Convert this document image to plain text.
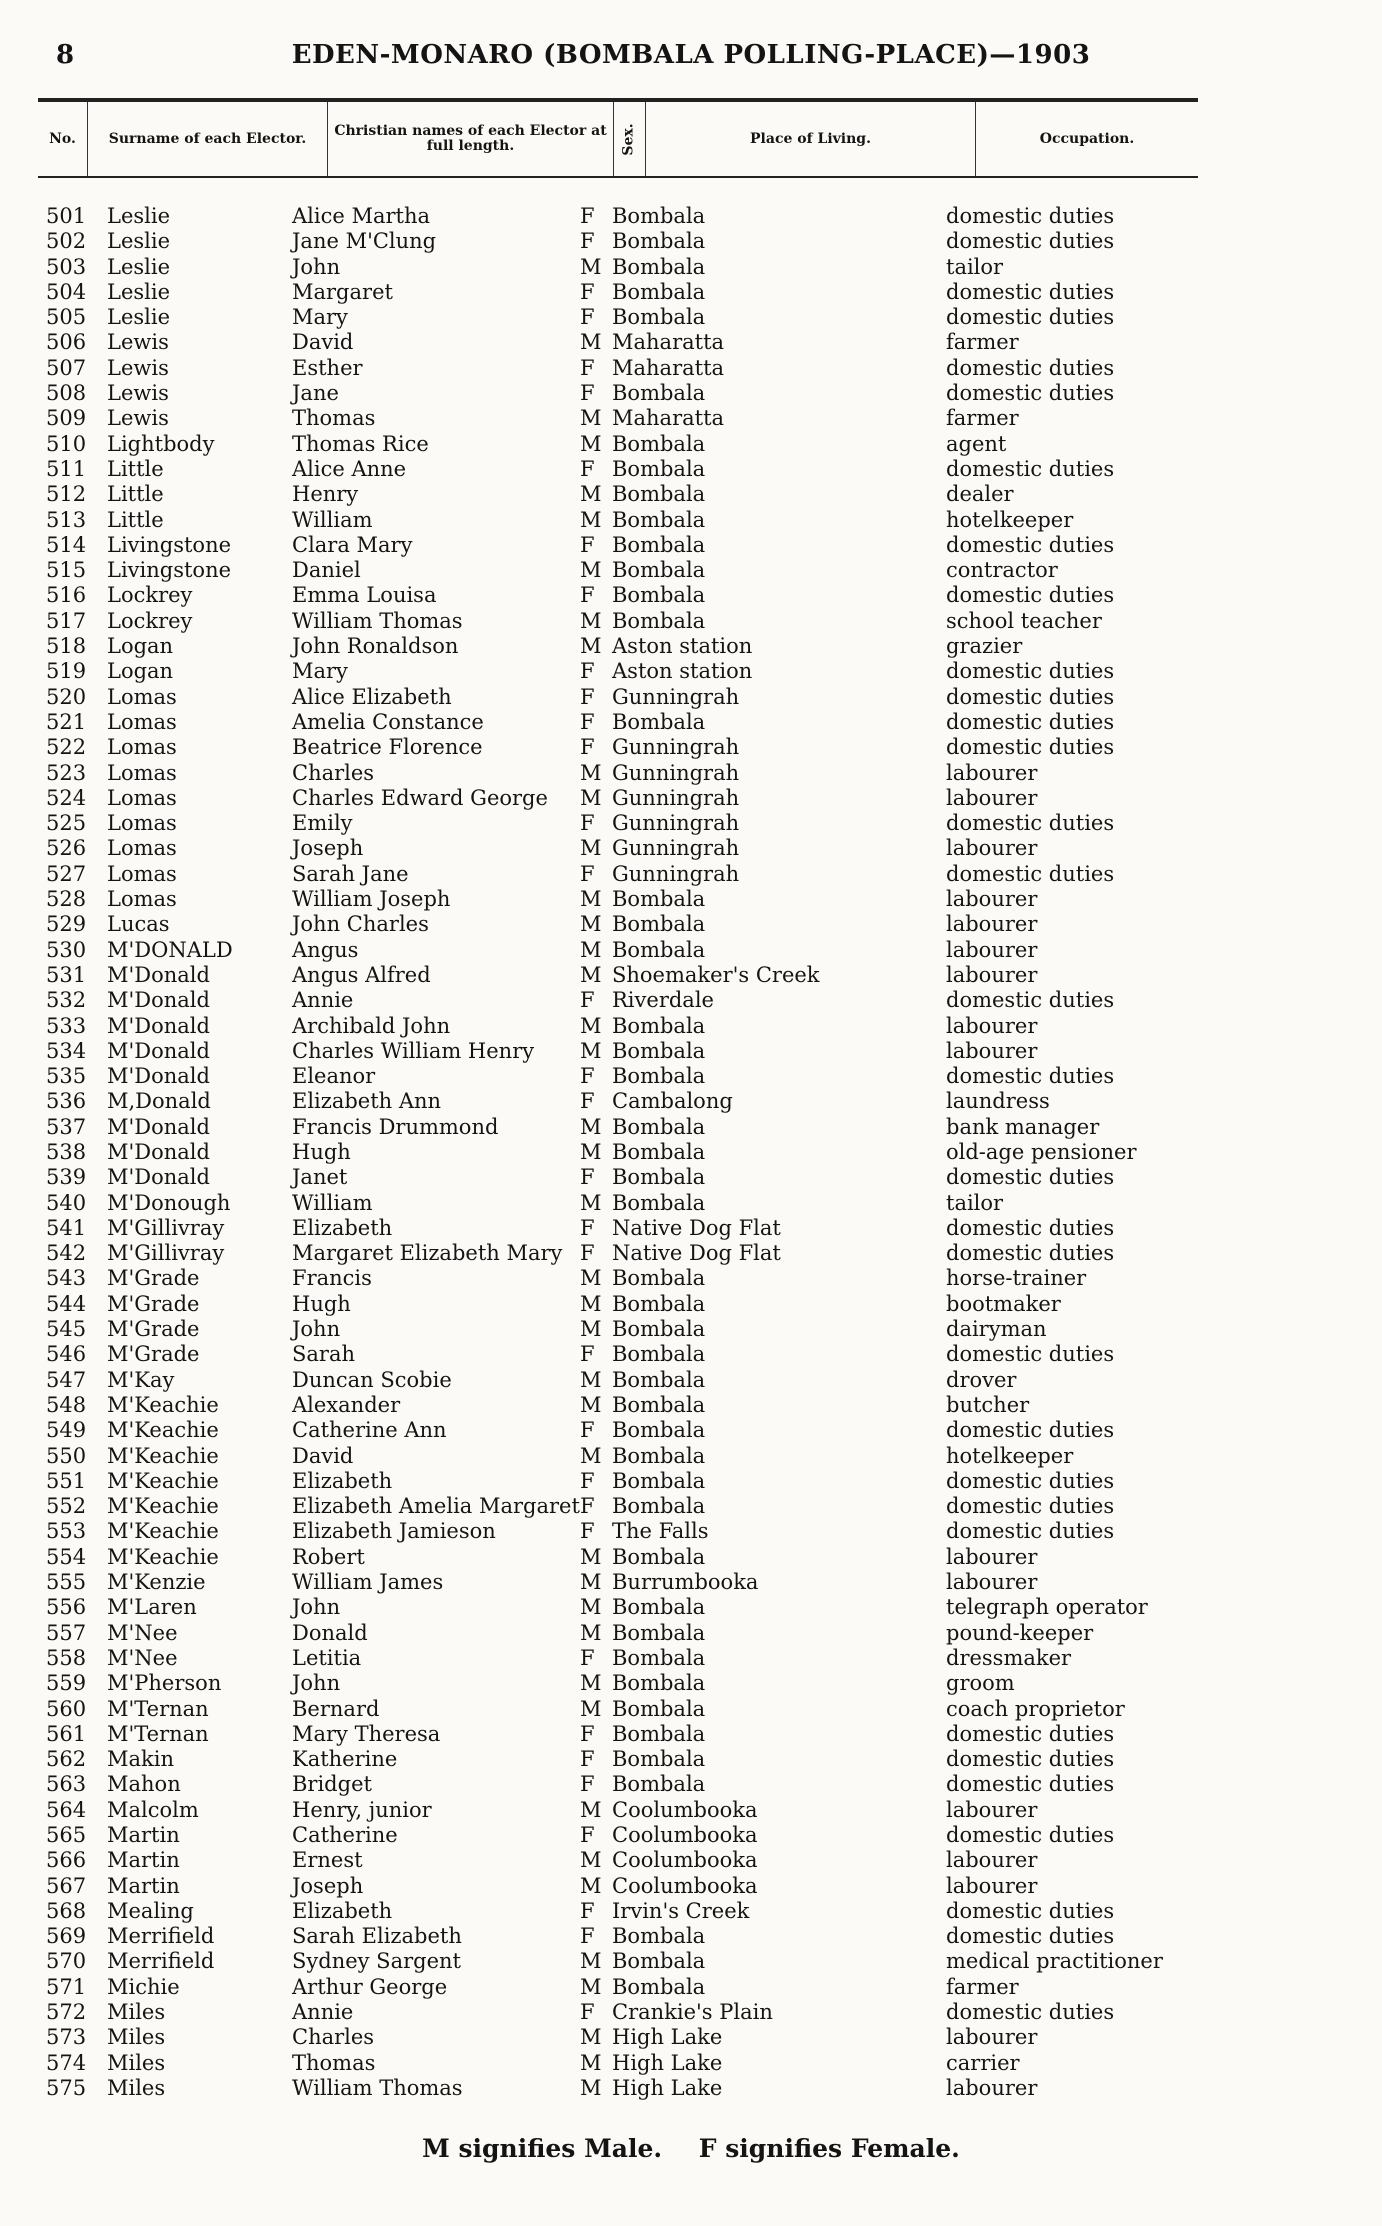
8	EDEN-MONARO (BOMBALA POLLING-PLACE)—1903
No.	Surname of each Elector.	Christian names of each Elector at full length.	Sex.	Place of Living.	Occupation.
501 Leslie	Alice Martha	F Bombala	domestic duties
502 Leslie	Jane M'Clung	F Bombala	domestic duties
503 Leslie	John	M Bombala	tailor
504 Leslie	Margaret	F Bombala	domestic duties
505 Leslie	Mary	F Bombala	domestic duties
506 Lewis	David	M Maharatta	farmer
507 Lewis	Esther	F Maharatta	domestic duties
508 Lewis	Jane	F Bombala	domestic duties
509 Lewis	Thomas	M Maharatta	farmer
510 Lightbody	Thomas Rice	M Bombala	agent
511 Little	Alice Anne	F Bombala	domestic duties
512 Little	Henry	M Bombala	dealer
513 Little	William	M Bombala	hotelkeeper
514 Livingstone	Clara Mary	F Bombala	domestic duties
515 Livingstone	Daniel	M Bombala	contractor
516 Lockrey	Emma Louisa	F Bombala	domestic duties
517 Lockrey	William Thomas	M Bombala	school teacher
518 Logan	John Ronaldson	M Aston station	grazier
519 Logan	Mary	F Aston station	domestic duties
520 Lomas	Alice Elizabeth	F Gunningrah	domestic duties
521 Lomas	Amelia Constance	F Bombala	domestic duties
522 Lomas	Beatrice Florence	F Gunningrah	domestic duties
523 Lomas	Charles	M Gunningrah	labourer
524 Lomas	Charles Edward George M Gunningrah	labourer
525 Lomas	Emily	F Gunningrah	domestic duties
526 Lomas	Joseph	M Gunningrah	labourer
527 Lomas	Sarah Jane	F Gunningrah	domestic duties
528 Lomas	William Joseph	M Bombala	labourer
529 Lucas	John Charles	M Bombala	labourer
530 M'DONALD	Angus	M Bombala	labourer
531 M'Donald	Angus Alfred	M Shoemaker's Creek	labourer
532 M'Donald	Annie	F Riverdale	domestic duties
533 M'Donald	Archibald John	M Bombala	labourer
534 M'Donald	Charles William Henry M Bombala	labourer
535 M'Donald	Eleanor	F Bombala	domestic duties
536 M,Donald	Elizabeth Ann	F Cambalong	laundress
537 M'Donald	Francis Drummond	M Bombala	bank manager
538 M'Donald	Hugh	M Bombala	old-age pensioner
539 M'Donald	Janet	F Bombala	domestic duties
540 M'Donough	William	M Bombala	tailor
541 M'Gillivray	Elizabeth	F Native Dog Flat	domestic duties
542 M'Gillivray	Margaret Elizabeth Mary F Native Dog Flat	domestic duties
543 M'Grade	Francis	M Bombala	horse-trainer
544 M'Grade	Hugh	M Bombala	bootmaker
545 M'Grade	John	M Bombala	dairyman
546 M'Grade	Sarah	F Bombala	domestic duties
547 M'Kay	Duncan Scobie	M Bombala	drover
548 M'Keachie	Alexander	M Bombala	butcher
549 M'Keachie	Catherine Ann	F Bombala	domestic duties
550 M'Keachie	David	M Bombala	hotelkeeper
551 M'Keachie	Elizabeth	F Bombala	domestic duties
552 M'Keachie	Elizabeth Amelia Margaret F Bombala	domestic duties
553 M'Keachie	Elizabeth Jamieson	F The Falls	domestic duties
554 M'Keachie	Robert	M Bombala	labourer
555 M'Kenzie	William James	M Burrumbooka	labourer
556 M'Laren	John	M Bombala	telegraph operator
557 M'Nee	Donald	M Bombala	pound-keeper
558 M'Nee	Letitia	F Bombala	dressmaker
559 M'Pherson	John	M Bombala	groom
560 M'Ternan	Bernard	M Bombala	coach proprietor
561 M'Ternan	Mary Theresa	F Bombala	domestic duties
562 Makin	Katherine	F Bombala	domestic duties
563 Mahon	Bridget	F Bombala	domestic duties
564 Malcolm	Henry, junior	M Coolumbooka	labourer
565 Martin	Catherine	F Coolumbooka	domestic duties
566 Martin	Ernest	M Coolumbooka	labourer
567 Martin	Joseph	M Coolumbooka	labourer
568 Mealing	Elizabeth	F Irvin's Creek	domestic duties
569 Merrifield	Sarah Elizabeth	F Bombala	domestic duties
570 Merrifield	Sydney Sargent	M Bombala	medical practitioner
571 Michie	Arthur George	M Bombala	farmer
572 Miles	Annie	F Crankie's Plain	domestic duties
573 Miles	Charles	M High Lake	labourer
574 Miles	Thomas	M High Lake	carrier
575 Miles	William Thomas	M High Lake	labourer
M signifies Male. F signifies Female.
